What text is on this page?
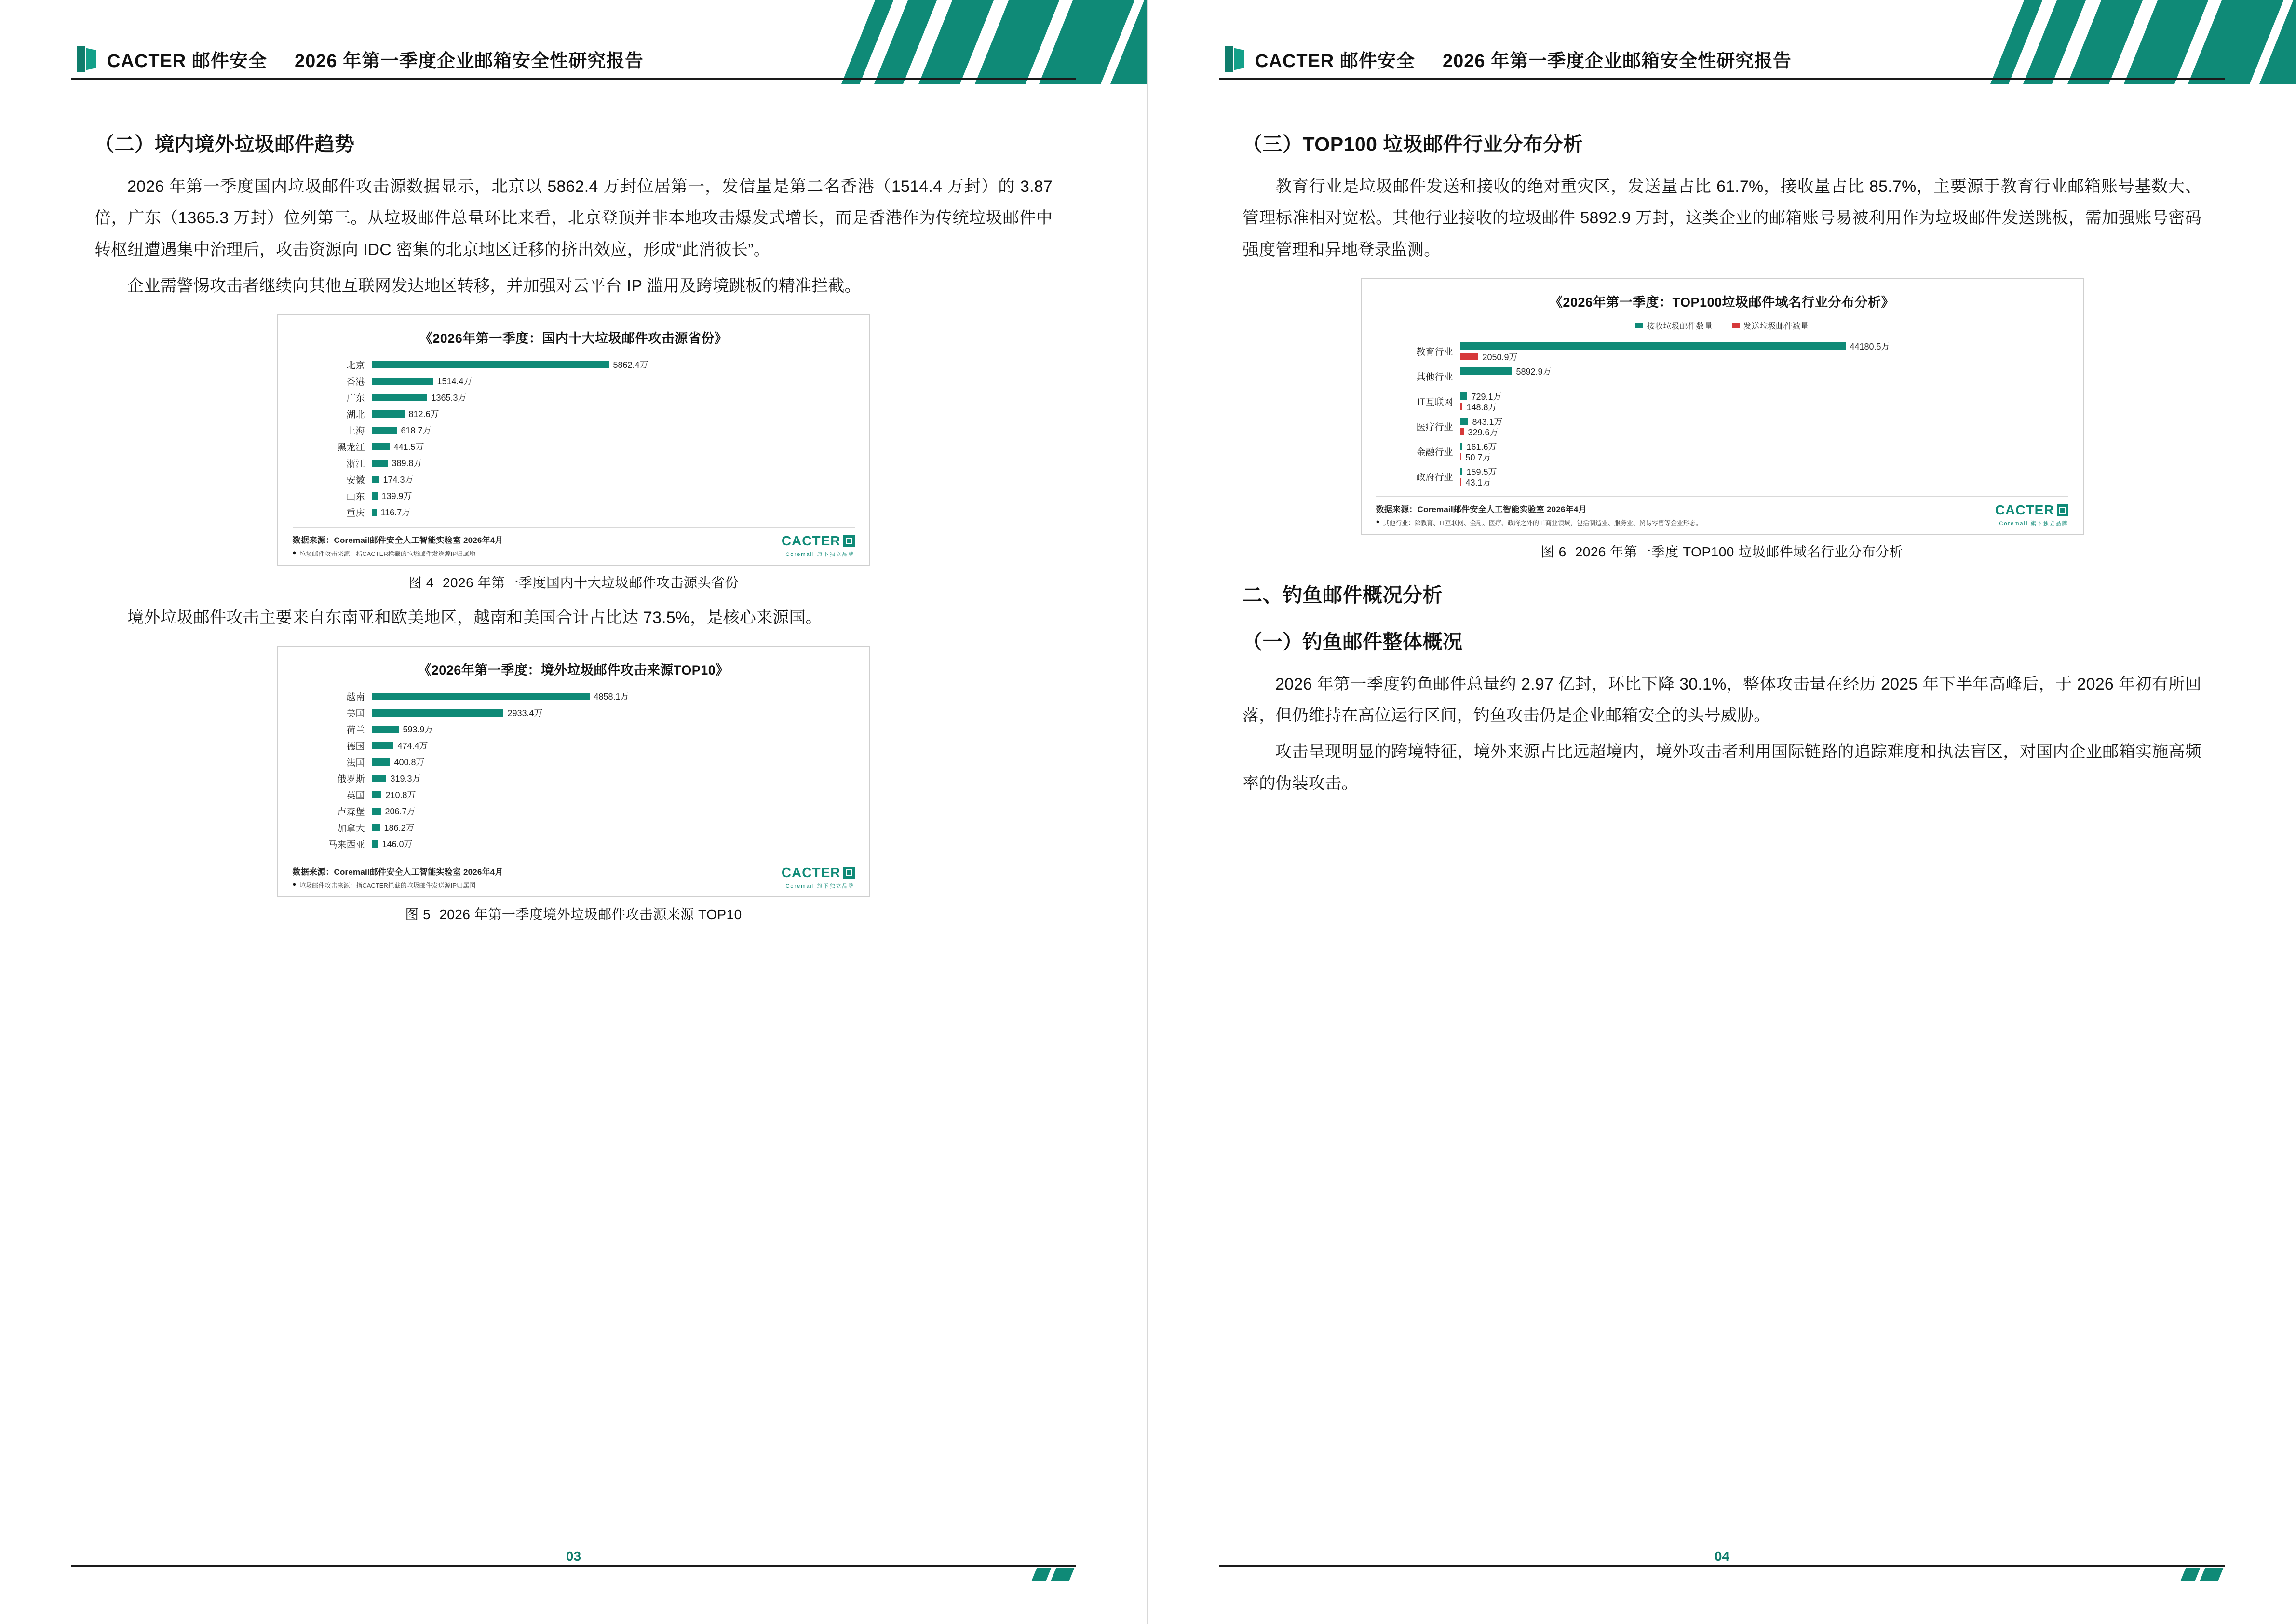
CACTER 邮件安全 2026 年第一季度企业邮箱安全性研究报告
（二）境内境外垃圾邮件趋势

2026 年第一季度国内垃圾邮件攻击源数据显示，北京以 5862.4 万封位居第一，发信量是第二名香港（1514.4 万封）的 3.87 倍，广东（1365.3 万封）位列第三。从垃圾邮件总量环比来看，北京登顶并非本地攻击爆发式增长，而是香港作为传统垃圾邮件中转枢纽遭遇集中治理后，攻击资源向 IDC 密集的北京地区迁移的挤出效应，形成“此消彼长”。

企业需警惕攻击者继续向其他互联网发达地区转移，并加强对云平台 IP 滥用及跨境跳板的精准拦截。

《2026年第一季度：国内十大垃圾邮件攻击源省份》
北京	5862.4万
香港	1514.4万
广东	1365.3万
湖北	812.6万
上海	618.7万
黑龙江	441.5万
浙江	389.8万
安徽	174.3万
山东	139.9万
重庆	116.7万
数据来源：Coremail邮件安全人工智能实验室 2026年4月
● 垃圾邮件攻击来源：指CACTER拦截的垃圾邮件发送源IP归属地
CACTER
Coremail 旗下独立品牌
图 4 2026 年第一季度国内十大垃圾邮件攻击源头省份

境外垃圾邮件攻击主要来自东南亚和欧美地区，越南和美国合计占比达 73.5%，是核心来源国。

《2026年第一季度：境外垃圾邮件攻击来源TOP10》
越南	4858.1万
美国	2933.4万
荷兰	593.9万
德国	474.4万
法国	400.8万
俄罗斯	319.3万
英国	210.8万
卢森堡	206.7万
加拿大	186.2万
马来西亚	146.0万
数据来源：Coremail邮件安全人工智能实验室 2026年4月
● 垃圾邮件攻击来源：指CACTER拦截的垃圾邮件发送源IP归属国
CACTER
Coremail 旗下独立品牌
图 5 2026 年第一季度境外垃圾邮件攻击源来源 TOP10
03
CACTER 邮件安全 2026 年第一季度企业邮箱安全性研究报告
（三）TOP100 垃圾邮件行业分布分析

教育行业是垃圾邮件发送和接收的绝对重灾区，发送量占比 61.7%，接收量占比 85.7%，主要源于教育行业邮箱账号基数大、管理标准相对宽松。其他行业接收的垃圾邮件 5892.9 万封，这类企业的邮箱账号易被利用作为垃圾邮件发送跳板，需加强账号密码强度管理和异地登录监测。

《2026年第一季度：TOP100垃圾邮件域名行业分布分析》
接收垃圾邮件数量	发送垃圾邮件数量
教育行业
44180.5万
2050.9万
其他行业
5892.9万
IT互联网
729.1万
148.8万
医疗行业
843.1万
329.6万
金融行业
161.6万
50.7万
政府行业
159.5万
43.1万
数据来源：Coremail邮件安全人工智能实验室 2026年4月
● 其他行业：除教育、IT互联网、金融、医疗、政府之外的工商业领域，包括制造业、服务业、贸易零售等企业形态。
CACTER
Coremail 旗下独立品牌
图 6 2026 年第一季度 TOP100 垃圾邮件域名行业分布分析
二、钓鱼邮件概况分析
（一）钓鱼邮件整体概况

2026 年第一季度钓鱼邮件总量约 2.97 亿封，环比下降 30.1%，整体攻击量在经历 2025 年下半年高峰后，于 2026 年初有所回落，但仍维持在高位运行区间，钓鱼攻击仍是企业邮箱安全的头号威胁。

攻击呈现明显的跨境特征，境外来源占比远超境内，境外攻击者利用国际链路的追踪难度和执法盲区，对国内企业邮箱实施高频率的伪装攻击。

04
